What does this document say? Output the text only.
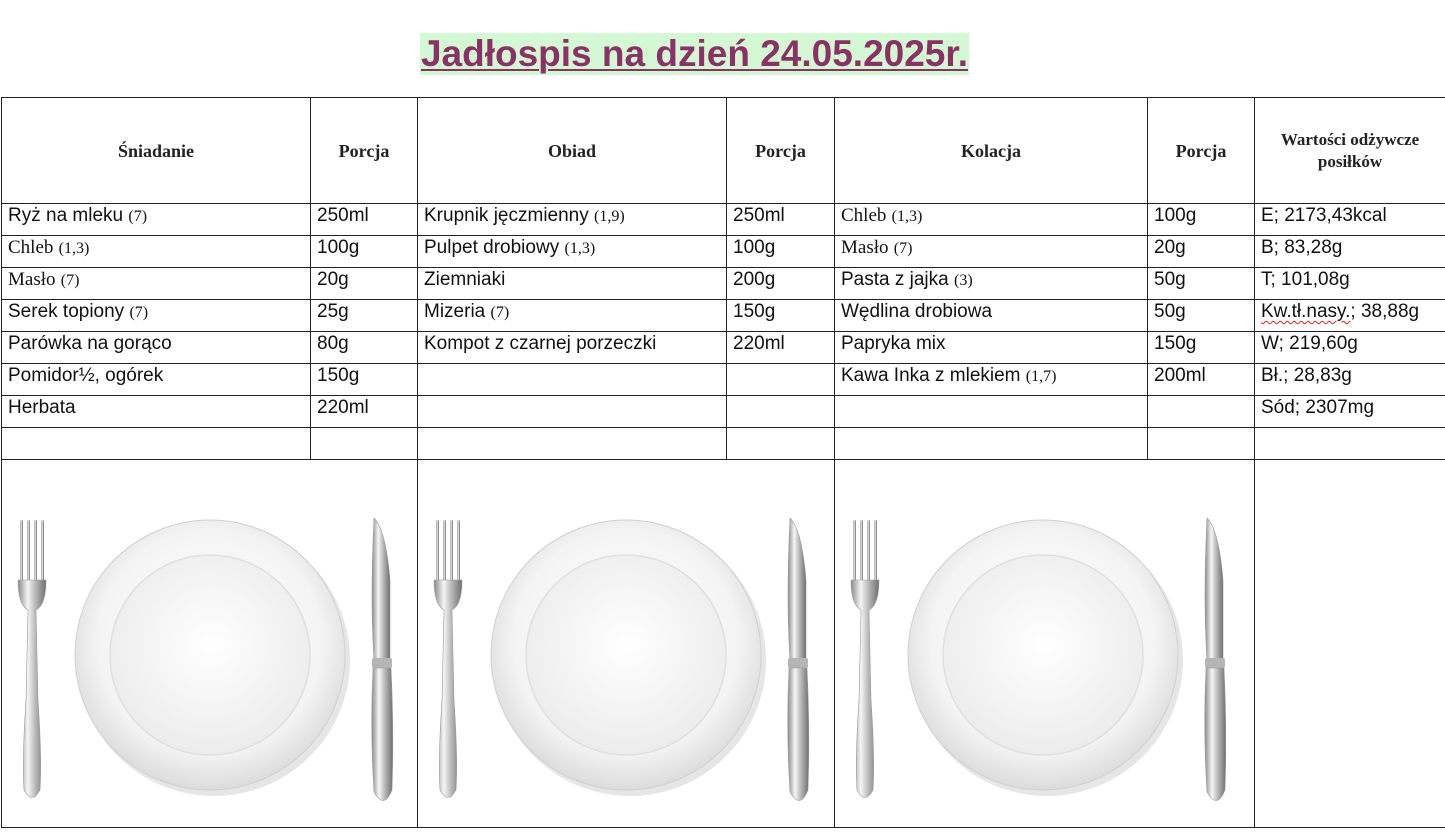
Jadłospis na dzień 24.05.2025r.
Śniadanie	Porcja	Obiad	Porcja	Kolacja	Porcja	Wartości odżywcze posiłków
Ryż na mleku (7)	250ml	Krupnik jęczmienny (1,9)	250ml	Chleb (1,3)	100g	E; 2173,43kcal
Chleb (1,3)	100g	Pulpet drobiowy (1,3)	100g	Masło (7)	20g	B; 83,28g
Masło (7)	20g	Ziemniaki	200g	Pasta z jajka (3)	50g	T; 101,08g
Serek topiony (7)	25g	Mizeria (7)	150g	Wędlina drobiowa	50g	Kw.tł.nasy.; 38,88g
Parówka na gorąco	80g	Kompot z czarnej porzeczki	220ml	Papryka mix	150g	W; 219,60g
Pomidor½, ogórek	150g			Kawa Inka z mlekiem (1,7)	200ml	Bł.; 28,83g
Herbata	220ml					Sód; 2307mg
